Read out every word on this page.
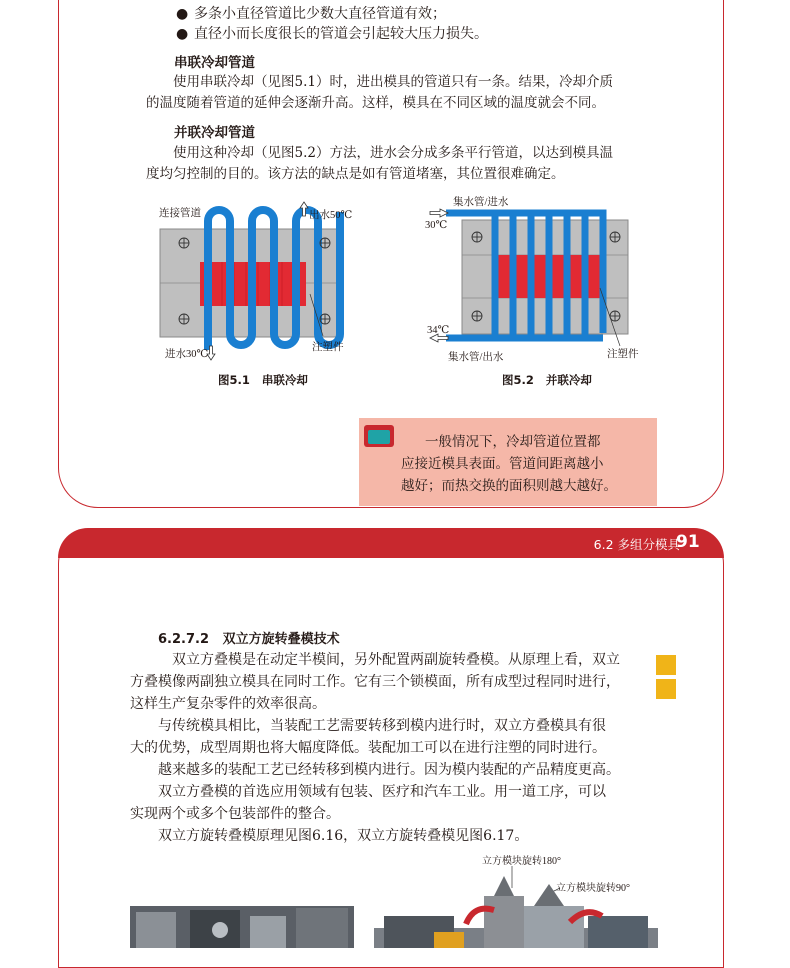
● 多条小直径管道比少数大直径管道有效；
● 直径小而长度很长的管道会引起较大压力损失。
串联冷却管道

使用串联冷却（见图5.1）时，进出模具的管道只有一条。结果，冷却介质

的温度随着管道的延伸会逐渐升高。这样，模具在不同区域的温度就会不同。

并联冷却管道

使用这种冷却（见图5.2）方法，进水会分成多条平行管道，以达到模具温

度均匀控制的目的。该方法的缺点是如有管道堵塞，其位置很难确定。

连接管道	出水50℃
进水30℃
注塑件
图5.1 串联冷却
集水管/进水
30℃
34℃
集水管/出水	注塑件
图5.2 并联冷却
一般情况下，冷却管道位置都
应接近模具表面。管道间距离越小
越好；而热交换的面积则越大越好。
6.2 多组分模具
91
6.2.7.2 双立方旋转叠模技术
双立方叠模是在动定半模间，另外配置两副旋转叠模。从原理上看，双立
方叠模像两副独立模具在同时工作。它有三个锁模面，所有成型过程同时进行，
这样生产复杂零件的效率很高。
与传统模具相比，当装配工艺需要转移到模内进行时，双立方叠模具有很
大的优势，成型周期也将大幅度降低。装配加工可以在进行注塑的同时进行。
越来越多的装配工艺已经转移到模内进行。因为模内装配的产品精度更高。
双立方叠模的首选应用领域有包装、医疗和汽车工业。用一道工序，可以
实现两个或多个包装部件的整合。
双立方旋转叠模原理见图6.16，双立方旋转叠模见图6.17。
立方模块旋转180°
立方模块旋转90°
